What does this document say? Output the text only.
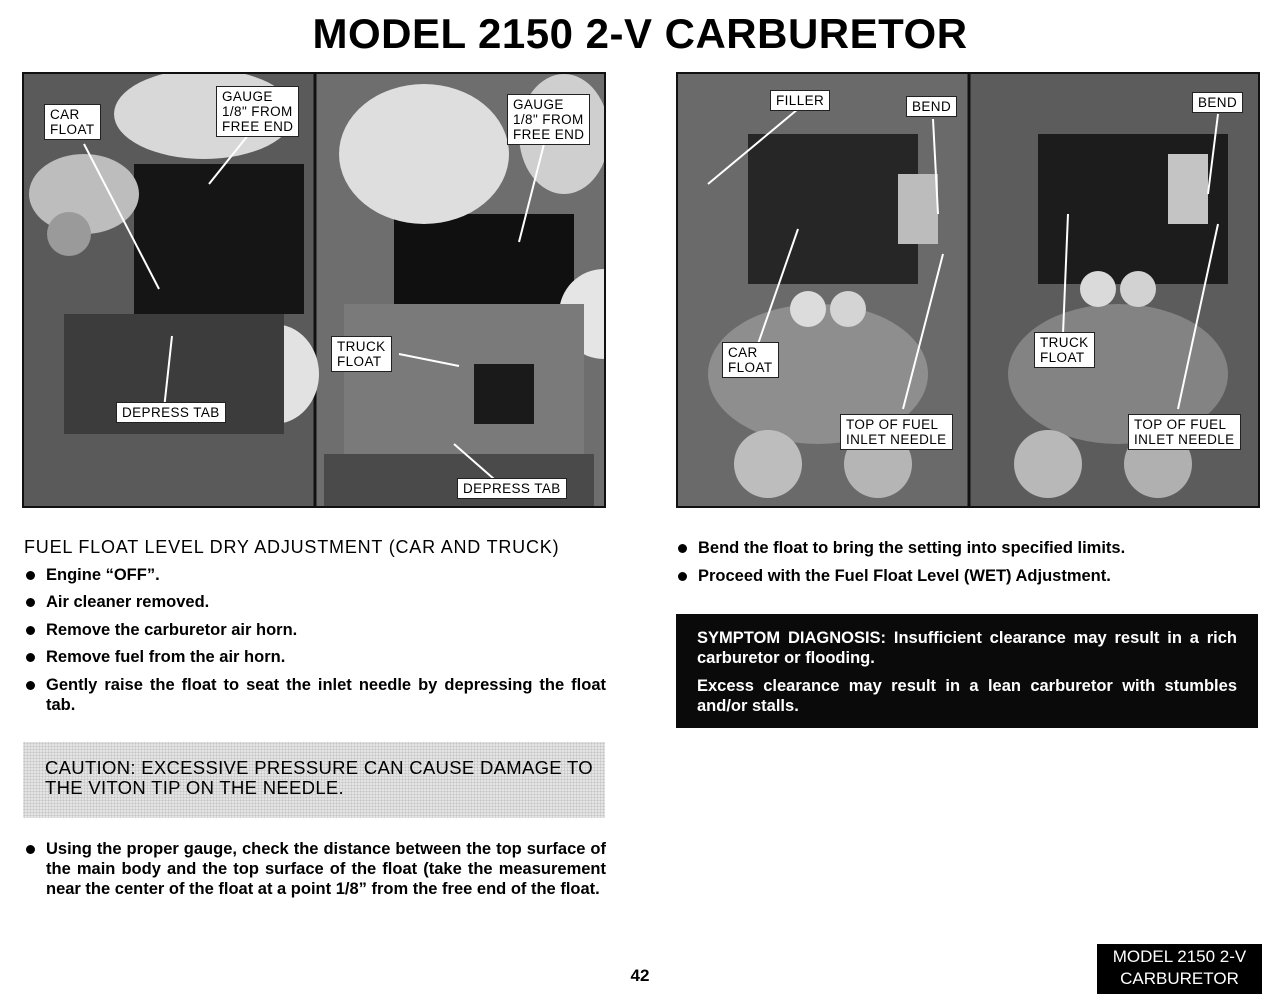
MODEL 2150 2-V CARBURETOR
CAR
FLOAT
GAUGE
1/8" FROM
FREE END
DEPRESS TAB
GAUGE
1/8" FROM
FREE END
TRUCK
FLOAT
DEPRESS TAB
FILLER	BEND	BEND
CAR
FLOAT
TRUCK
FLOAT
TOP OF FUEL
INLET NEEDLE
TOP OF FUEL
INLET NEEDLE
FUEL FLOAT LEVEL DRY ADJUSTMENT (CAR AND TRUCK)
Engine “OFF”.
Air cleaner removed.
Remove the carburetor air horn.
Remove fuel from the air horn.
Gently raise the float to seat the inlet needle by depressing the float tab.
CAUTION: EXCESSIVE PRESSURE CAN CAUSE DAMAGE TO THE VITON TIP ON THE NEEDLE.
Using the proper gauge, check the distance between the top surface of the main body and the top surface of the float (take the measurement near the center of the float at a point 1/8” from the free end of the float.
Bend the float to bring the setting into specified limits.
Proceed with the Fuel Float Level (WET) Adjustment.

SYMPTOM DIAGNOSIS: Insufficient clearance may result in a rich carburetor or flooding.

Excess clearance may result in a lean carburetor with stumbles and/or stalls.

42
MODEL 2150 2-V
CARBURETOR
